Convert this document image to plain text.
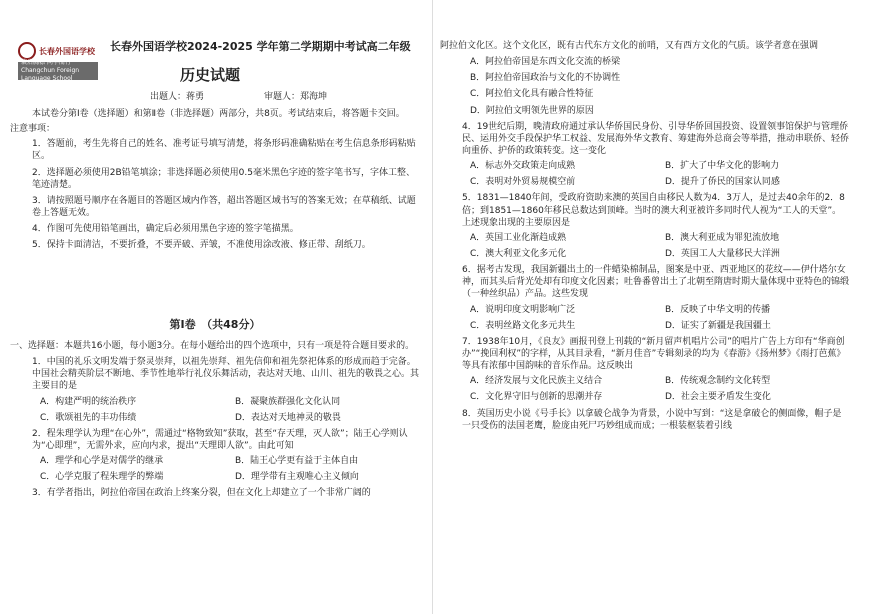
长春外国语学校
装启胸襟 向学而行
Changchun Foreign Language School
长春外国语学校2024-2025 学年第二学期期中考试高二年级
历史试题
出题人：蒋勇	审题人：郑海坤

本试卷分第Ⅰ卷（选择题）和第Ⅱ卷（非选择题）两部分，共8页。考试结束后，将答题卡交回。

注意事项：

1．答题前，考生先将自己的姓名、准考证号填写清楚，将条形码准确粘贴在考生信息条形码粘贴区。

2．选择题必须使用2B铅笔填涂；非选择题必须使用0.5毫米黑色字迹的签字笔书写，字体工整、笔迹清楚。

3．请按照题号顺序在各题目的答题区域内作答，超出答题区域书写的答案无效；在草稿纸、试题卷上答题无效。

4．作图可先使用铅笔画出，确定后必须用黑色字迹的签字笔描黑。

5．保持卡面清洁，不要折叠，不要弄破、弄皱，不准使用涂改液、修正带、刮纸刀。

第Ⅰ卷　（共48分）

一、选择题：本题共16小题，每小题3分。在每小题给出的四个选项中，只有一项是符合题目要求的。

1．中国的礼乐文明发端于祭灵崇拜，以祖先崇拜、祖先信仰和祖先祭祀体系的形成而趋于完备。中国社会精英阶层不断地、季节性地举行礼仪乐舞活动，表达对天地、山川、祖先的敬畏之心。其主要目的是

A．构建严明的统治秩序	B．凝聚族群强化文化认同
C．歌颂祖先的丰功伟绩	D．表达对天地神灵的敬畏

2．程朱理学认为理“在心外”，需通过“格物致知”获取，甚至“存天理，灭人欲”；陆王心学则认为“心即理”，无需外求，应向内求，提出“天理即人欲”。由此可知

A．理学和心学是对儒学的继承	B．陆王心学更有益于主体自由
C．心学克服了程朱理学的弊端	D．理学带有主观唯心主义倾向

3．有学者指出，阿拉伯帝国在政治上终案分裂，但在文化上却建立了一个非常广阔的

阿拉伯文化区。这个文化区，既有古代东方文化的前哨，又有西方文化的气质。该学者意在强调

A．阿拉伯帝国是东西文化交流的桥梁

B．阿拉伯帝国政治与文化的不协调性

C．阿拉伯文化具有融合性特征

D．阿拉伯文明领先世界的原因

4．19世纪后期，晚清政府通过承认华侨国民身份、引导华侨回国投资、设置领事馆保护与管理侨民、运用外交手段保护华工权益、发展海外华文教育、筹建海外总商会等举措，推动串联侨、轻侨向重侨、护侨的政策转变。这一变化

A．标志外交政策走向成熟	B．扩大了中华文化的影响力
C．表明对外贸易规模空前	D．提升了侨民的国家认同感

5．1831—1840年间，受政府资助来澳的英国自由移民人数为4．3万人，是过去40余年的2．8倍；到1851—1860年移民总数达到顶峰。当时的澳大利亚被许多同时代人视为“工人的天堂”。上述现象出现的主要原因是

A．英国工业化渐趋成熟	B．澳大利亚成为罪犯流放地
C．澳大利亚文化多元化	D．英国工人大量移民大洋洲

6．据考古发现，我国新疆出土的一件蜡染棉制品，图案是中亚、西亚地区的花纹——伊什塔尔女神，而其头后背光处却有印度文化因素；吐鲁番曾出土了北朝至隋唐时期大量体现中亚特色的锦缎（一种丝织品）产品。这些发现

A．说明印度文明影响广泛	B．反映了中华文明的传播
C．表明丝路文化多元共生	D．证实了新疆是我国疆土

7．1938年10月，《良友》画报刊登上刊载的“新月留声机唱片公司”的唱片广告上方印有“华商创办”“挽回利权”的字样，从其目录看，“新月佳音”专辑刻录的均为《春游》《扬州梦》《雨打芭蕉》等具有浓郁中国韵味的音乐作品。这反映出

A．经济发展与文化民族主义结合	B．传统观念制约文化转型
C．文化界守旧与创新的思潮并存	D．社会主要矛盾发生变化

8．英国历史小说《号手长》以拿破仑战争为背景，小说中写到：“这是拿破仑的侧面像，帽子是一只受伤的法国老鹰，脸庞由死尸巧妙组成而成；一根装枢装着引线
